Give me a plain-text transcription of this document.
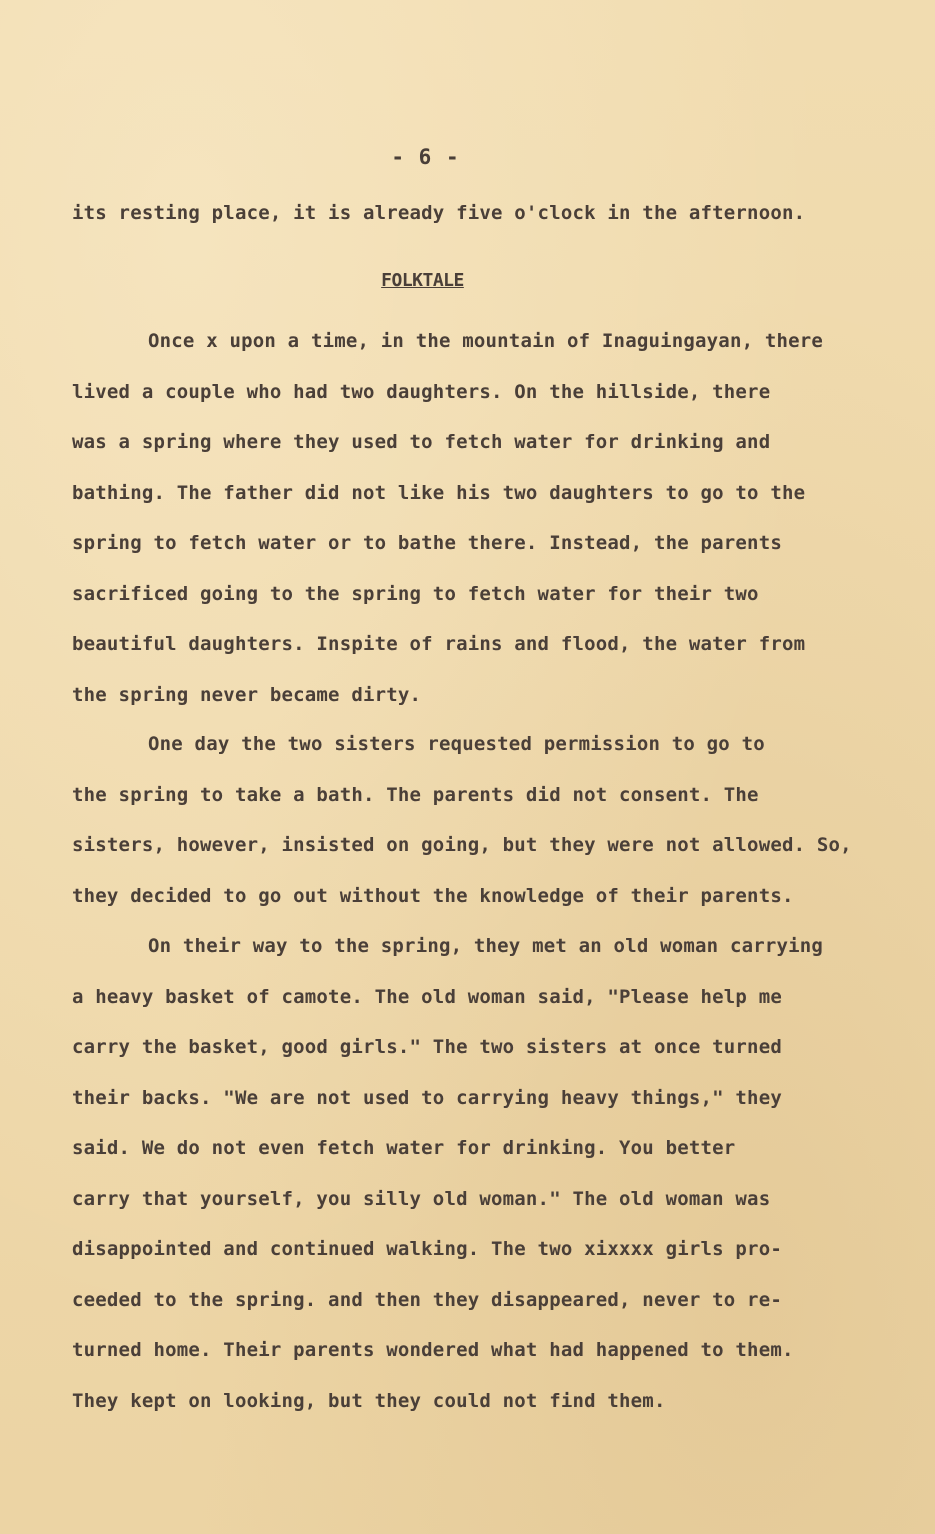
- 6 -
its resting place, it is already five o'clock in the afternoon.
FOLKTALE
Once x upon a time, in the mountain of Inaguingayan, there
lived a couple who had two daughters. On the hillside, there
was a spring where they used to fetch water for drinking and
bathing. The father did not like his two daughters to go to the
spring to fetch water or to bathe there. Instead, the parents
sacrificed going to the spring to fetch water for their two
beautiful daughters. Inspite of rains and flood, the water from
the spring never became dirty.
One day the two sisters requested permission to go to
the spring to take a bath. The parents did not consent. The
sisters, however, insisted on going, but they were not allowed. So,
they decided to go out without the knowledge of their parents.
On their way to the spring, they met an old woman carrying
a heavy basket of camote. The old woman said, "Please help me
carry the basket, good girls." The two sisters at once turned
their backs. "We are not used to carrying heavy things," they
said. We do not even fetch water for drinking. You better
carry that yourself, you silly old woman." The old woman was
disappointed and continued walking. The two xixxxx girls pro-
ceeded to the spring. and then they disappeared, never to re-
turned home. Their parents wondered what had happened to them.
They kept on looking, but they could not find them.
